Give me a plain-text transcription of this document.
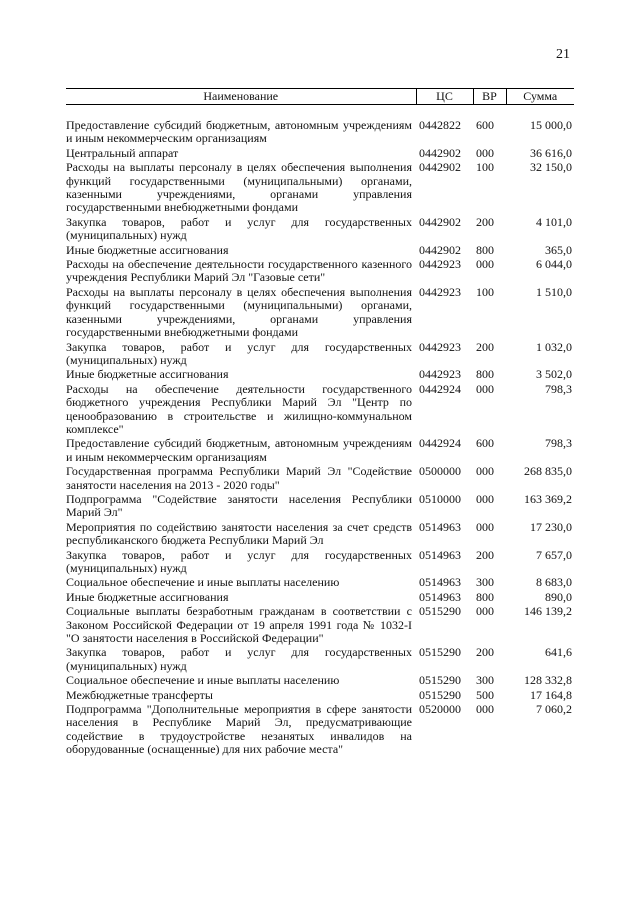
21
Наименование	ЦС	ВР	Сумма
Предоставление субсидий бюджетным, автономным учреждениям и иным некоммерческим организациям	0442822	600	15 000,0
Центральный аппарат	0442902	000	36 616,0
Расходы на выплаты персоналу в целях обеспечения выполнения функций государственными (муниципальными) органами, казенными учреждениями, органами управления государственными внебюджетными фондами	0442902	100	32 150,0
Закупка товаров, работ и услуг для государственных (муниципальных) нужд	0442902	200	4 101,0
Иные бюджетные ассигнования	0442902	800	365,0
Расходы на обеспечение деятельности государственного казенного учреждения Республики Марий Эл "Газовые сети"	0442923	000	6 044,0
Расходы на выплаты персоналу в целях обеспечения выполнения функций государственными (муниципальными) органами, казенными учреждениями, органами управления государственными внебюджетными фондами	0442923	100	1 510,0
Закупка товаров, работ и услуг для государственных (муниципальных) нужд	0442923	200	1 032,0
Иные бюджетные ассигнования	0442923	800	3 502,0
Расходы на обеспечение деятельности государственного бюджетного учреждения Республики Марий Эл "Центр по ценообразованию в строительстве и жилищно-коммунальном комплексе"	0442924	000	798,3
Предоставление субсидий бюджетным, автономным учреждениям и иным некоммерческим организациям	0442924	600	798,3
Государственная программа Республики Марий Эл "Содействие занятости населения на 2013 - 2020 годы"	0500000	000	268 835,0
Подпрограмма "Содействие занятости населения Республики Марий Эл"	0510000	000	163 369,2
Мероприятия по содействию занятости населения за счет средств республиканского бюджета Республики Марий Эл	0514963	000	17 230,0
Закупка товаров, работ и услуг для государственных (муниципальных) нужд	0514963	200	7 657,0
Социальное обеспечение и иные выплаты населению	0514963	300	8 683,0
Иные бюджетные ассигнования	0514963	800	890,0
Социальные выплаты безработным гражданам в соответствии с Законом Российской Федерации от 19 апреля 1991 года № 1032-I "О занятости населения в Российской Федерации"	0515290	000	146 139,2
Закупка товаров, работ и услуг для государственных (муниципальных) нужд	0515290	200	641,6
Социальное обеспечение и иные выплаты населению	0515290	300	128 332,8
Межбюджетные трансферты	0515290	500	17 164,8
Подпрограмма "Дополнительные мероприятия в сфере занятости населения в Республике Марий Эл, предусматривающие содействие в трудоустройстве незанятых инвалидов на оборудованные (оснащенные) для них рабочие места"	0520000	000	7 060,2
